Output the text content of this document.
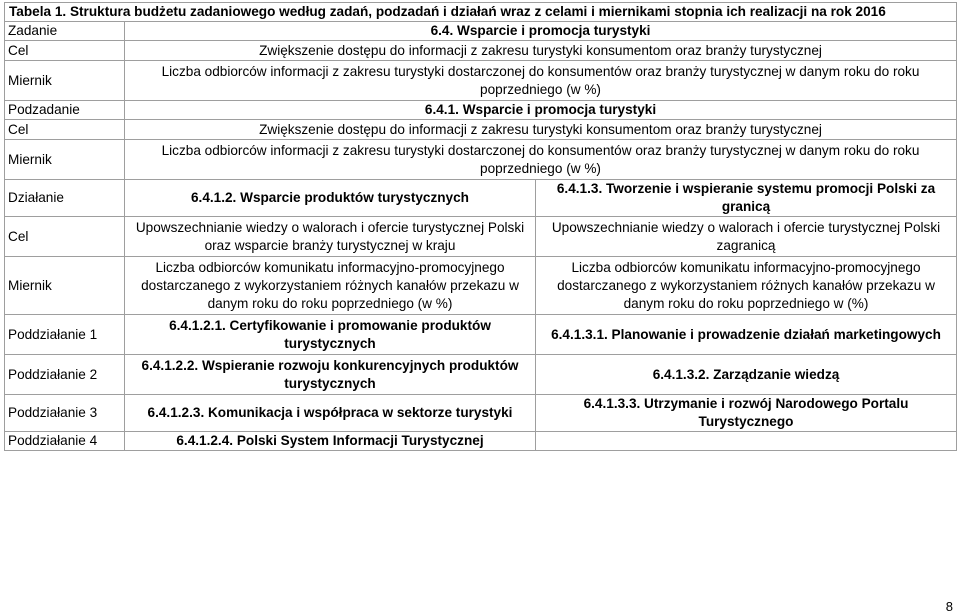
Tabela 1. Struktura budżetu zadaniowego według zadań, podzadań i działań wraz z celami i miernikami stopnia ich realizacji na rok 2016		
Zadanie	6.4. Wsparcie i promocja turystyki	
Cel	Zwiększenie dostępu do informacji z zakresu turystyki konsumentom oraz branży turystycznej	
Miernik	Liczba odbiorców informacji z zakresu turystyki dostarczonej do konsumentów oraz branży turystycznej w danym roku do roku poprzedniego (w %)	
Podzadanie	6.4.1. Wsparcie i promocja turystyki	
Cel	Zwiększenie dostępu do informacji z zakresu turystyki konsumentom oraz branży turystycznej	
Miernik	Liczba odbiorców informacji z zakresu turystyki dostarczonej do konsumentów oraz branży turystycznej w danym roku do roku poprzedniego (w %)	
Działanie	6.4.1.2. Wsparcie produktów turystycznych	6.4.1.3. Tworzenie i wspieranie systemu promocji Polski za granicą
Cel	Upowszechnianie wiedzy o walorach i ofercie turystycznej Polski oraz wsparcie branży turystycznej w kraju	Upowszechnianie wiedzy o walorach i ofercie turystycznej Polski zagranicą
Miernik	Liczba odbiorców komunikatu informacyjno-promocyjnego dostarczanego z wykorzystaniem różnych kanałów przekazu w danym roku do roku poprzedniego (w %)	Liczba odbiorców komunikatu informacyjno-promocyjnego dostarczanego z wykorzystaniem różnych kanałów przekazu w danym roku do roku poprzedniego w (%)
Poddziałanie 1	6.4.1.2.1. Certyfikowanie i promowanie produktów turystycznych	6.4.1.3.1. Planowanie i prowadzenie działań marketingowych
Poddziałanie 2	6.4.1.2.2. Wspieranie rozwoju konkurencyjnych produktów turystycznych	6.4.1.3.2. Zarządzanie wiedzą
Poddziałanie 3	6.4.1.2.3. Komunikacja i współpraca w sektorze turystyki	6.4.1.3.3. Utrzymanie i rozwój Narodowego Portalu Turystycznego
Poddziałanie 4	6.4.1.2.4. Polski System Informacji Turystycznej	
8
